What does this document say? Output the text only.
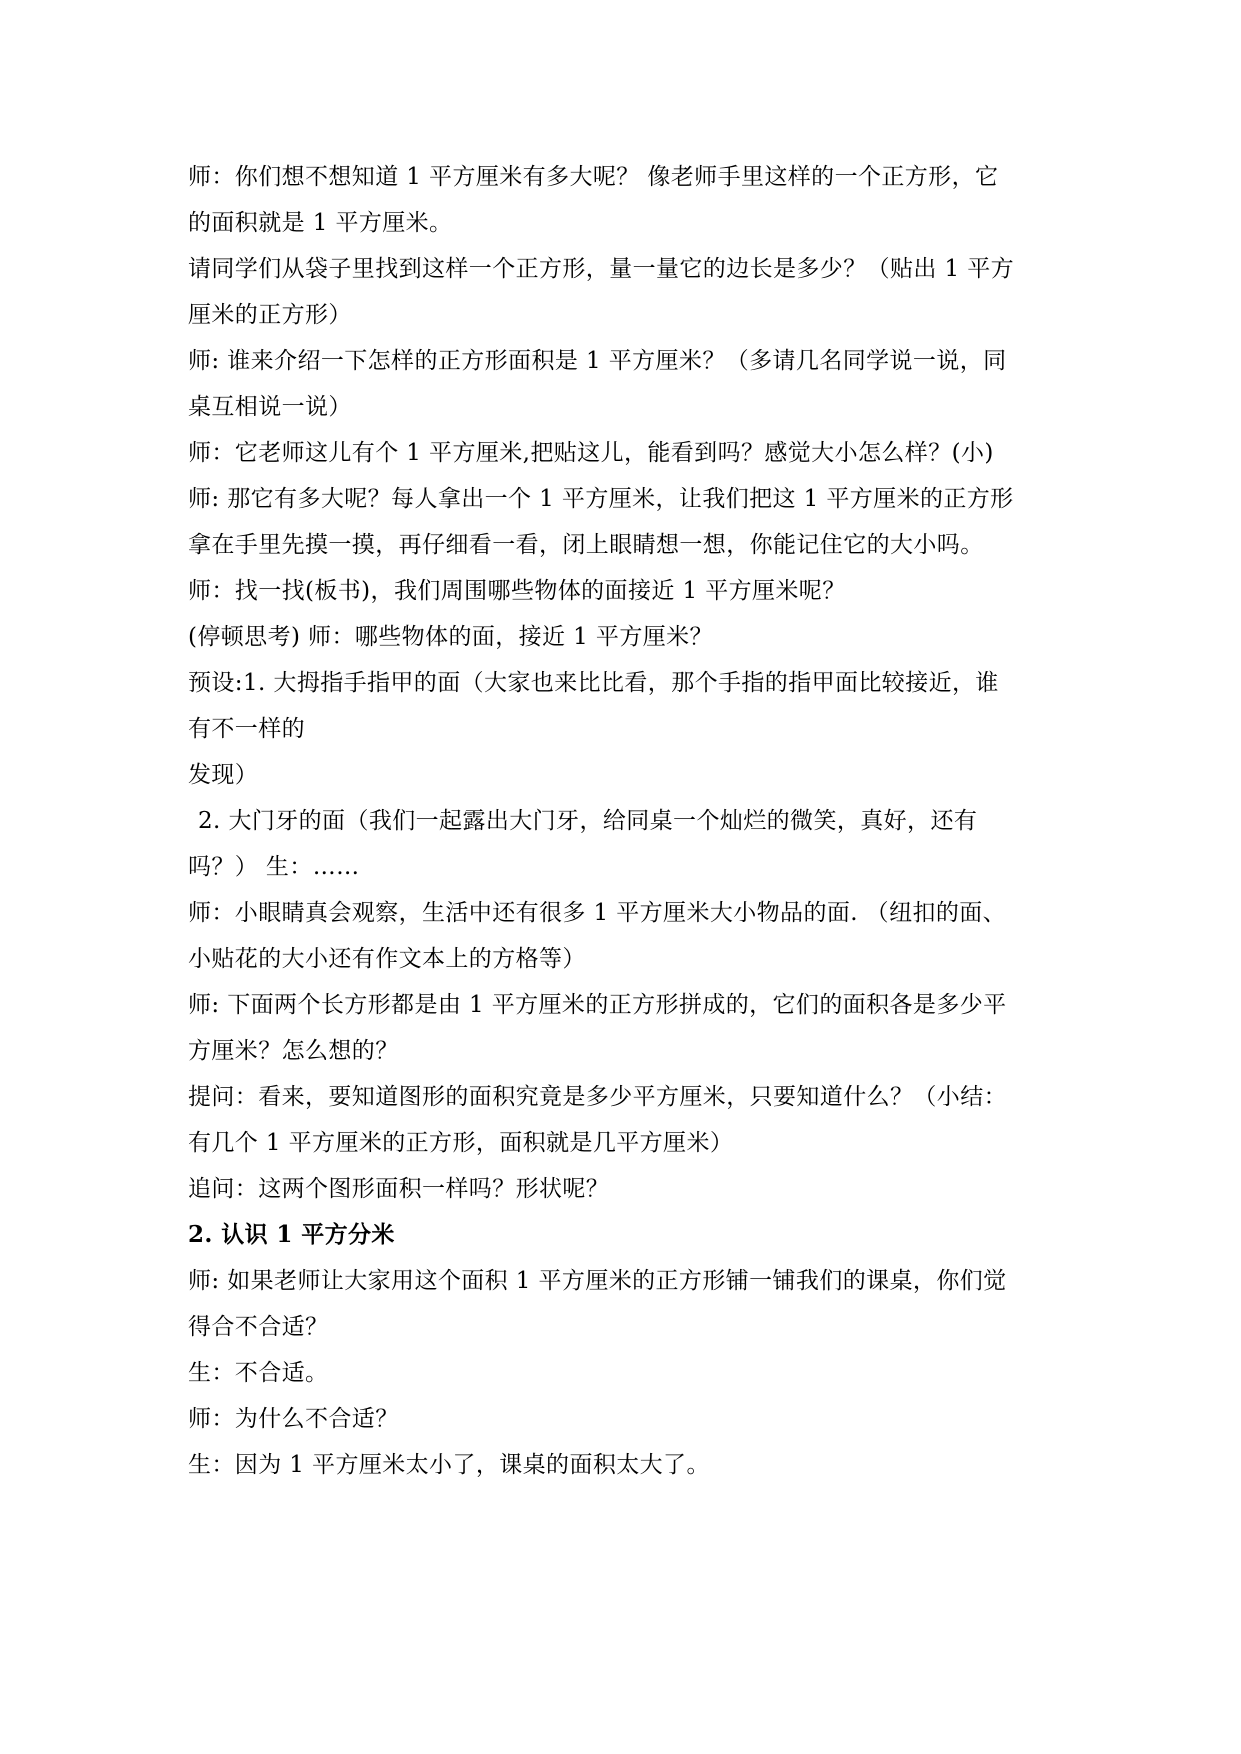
师：你们想不想知道 1 平方厘米有多大呢？ 像老师手里这样的一个正方形，它
的面积就是 1 平方厘米。
请同学们从袋子里找到这样一个正方形，量一量它的边长是多少？（贴出 1 平方
厘米的正方形）
师: 谁来介绍一下怎样的正方形面积是 1 平方厘米？（多请几名同学说一说，同
桌互相说一说）
师：它老师这儿有个 1 平方厘米,把贴这儿，能看到吗？感觉大小怎么样？(小)
师: 那它有多大呢？每人拿出一个 1 平方厘米，让我们把这 1 平方厘米的正方形
拿在手里先摸一摸，再仔细看一看，闭上眼睛想一想，你能记住它的大小吗。
师：找一找(板书)，我们周围哪些物体的面接近 1 平方厘米呢？
(停顿思考) 师：哪些物体的面，接近 1 平方厘米？
预设:1. 大拇指手指甲的面（大家也来比比看，那个手指的指甲面比较接近，谁
有不一样的
发现）
2. 大门牙的面（我们一起露出大门牙，给同桌一个灿烂的微笑，真好，还有
吗？） 生：……
师：小眼睛真会观察，生活中还有很多 1 平方厘米大小物品的面. （纽扣的面、
小贴花的大小还有作文本上的方格等）
师: 下面两个长方形都是由 1 平方厘米的正方形拼成的，它们的面积各是多少平
方厘米？怎么想的？
提问：看来，要知道图形的面积究竟是多少平方厘米，只要知道什么？（小结：
有几个 1 平方厘米的正方形，面积就是几平方厘米）
追问：这两个图形面积一样吗？形状呢？
2. 认识 1 平方分米
师: 如果老师让大家用这个面积 1 平方厘米的正方形铺一铺我们的课桌，你们觉
得合不合适？
生：不合适。
师：为什么不合适？
生：因为 1 平方厘米太小了，课桌的面积太大了。
